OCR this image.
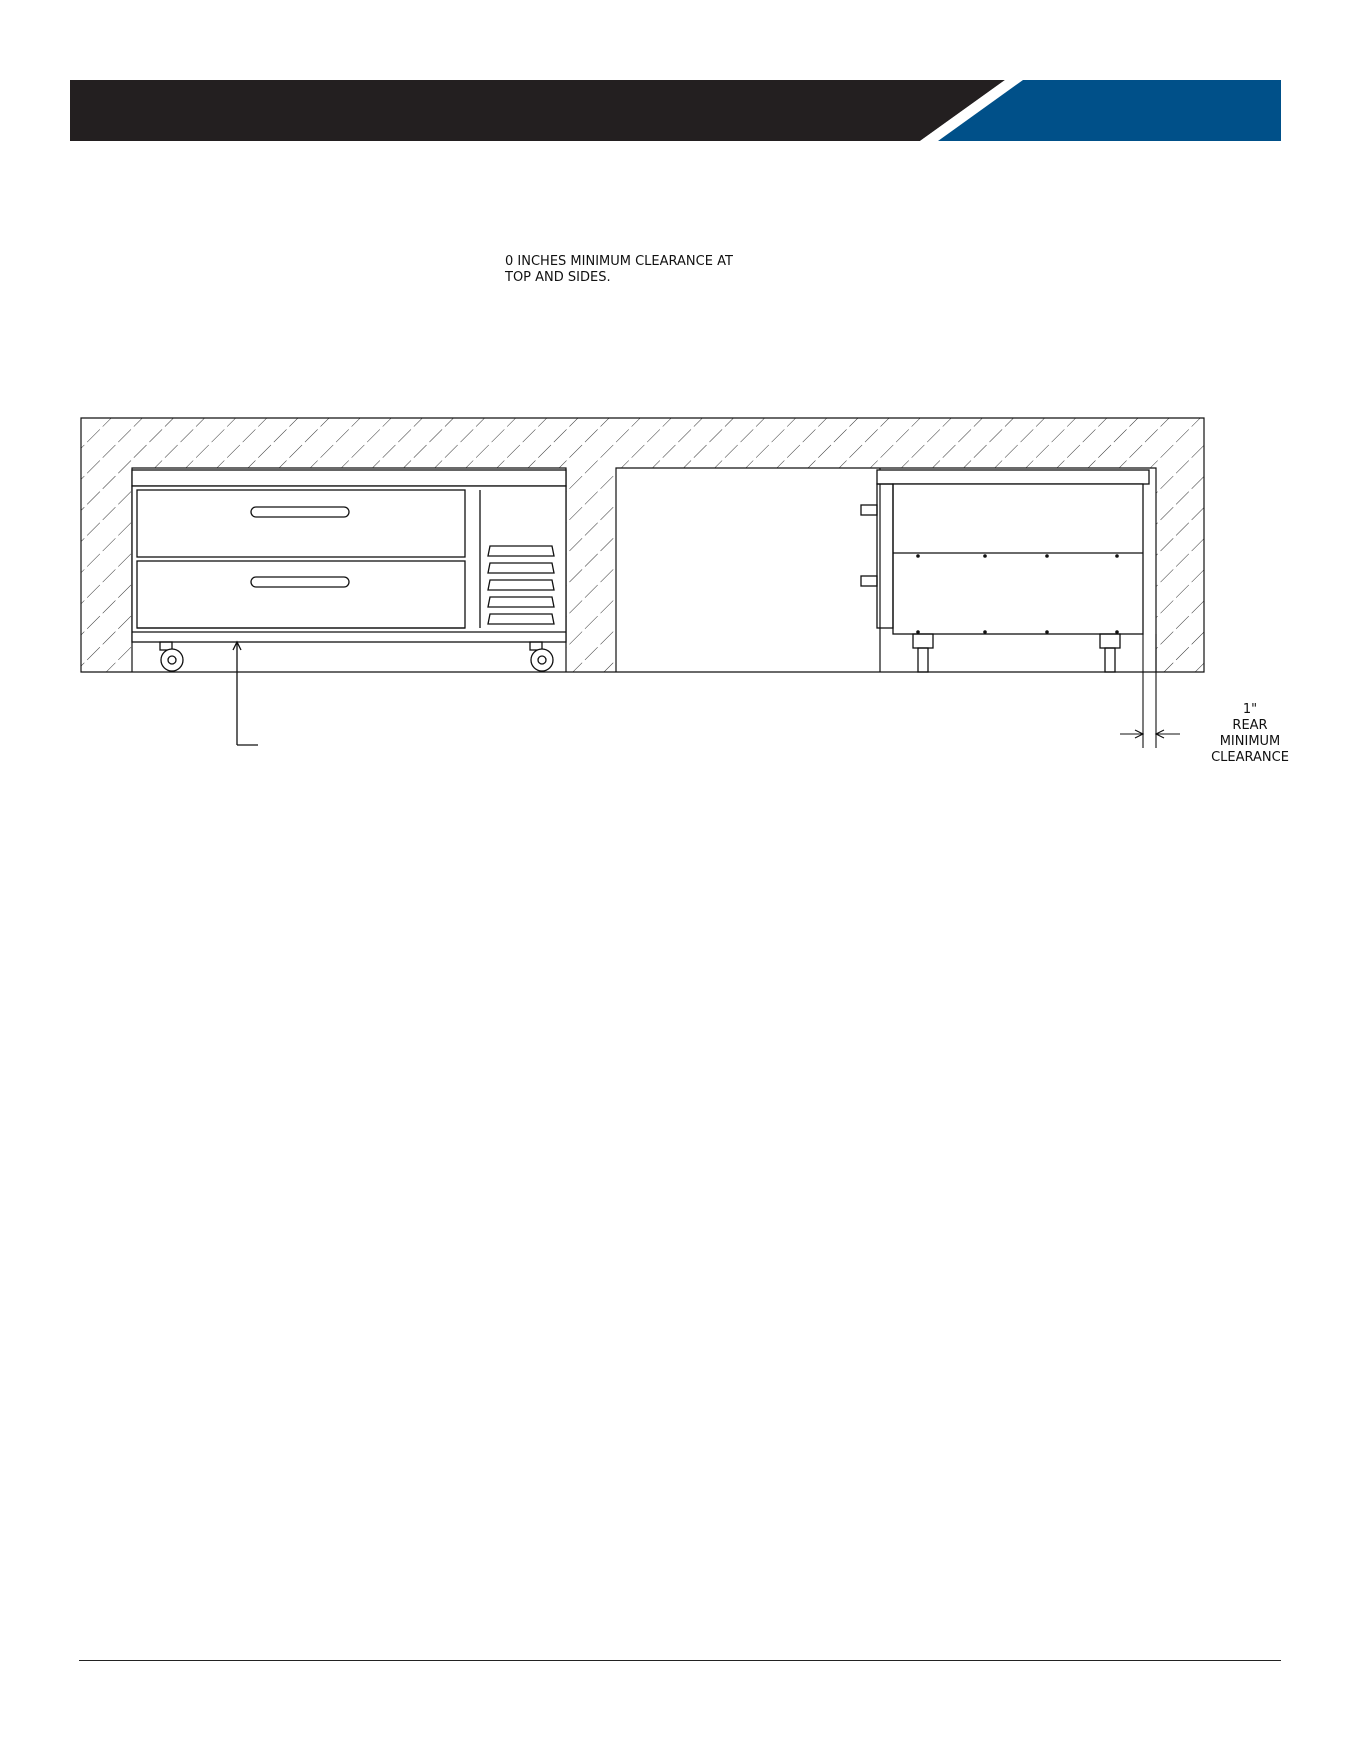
0 INCHES MINIMUM CLEARANCE AT
TOP AND SIDES.
1"
REAR
MINIMUM
CLEARANCE
